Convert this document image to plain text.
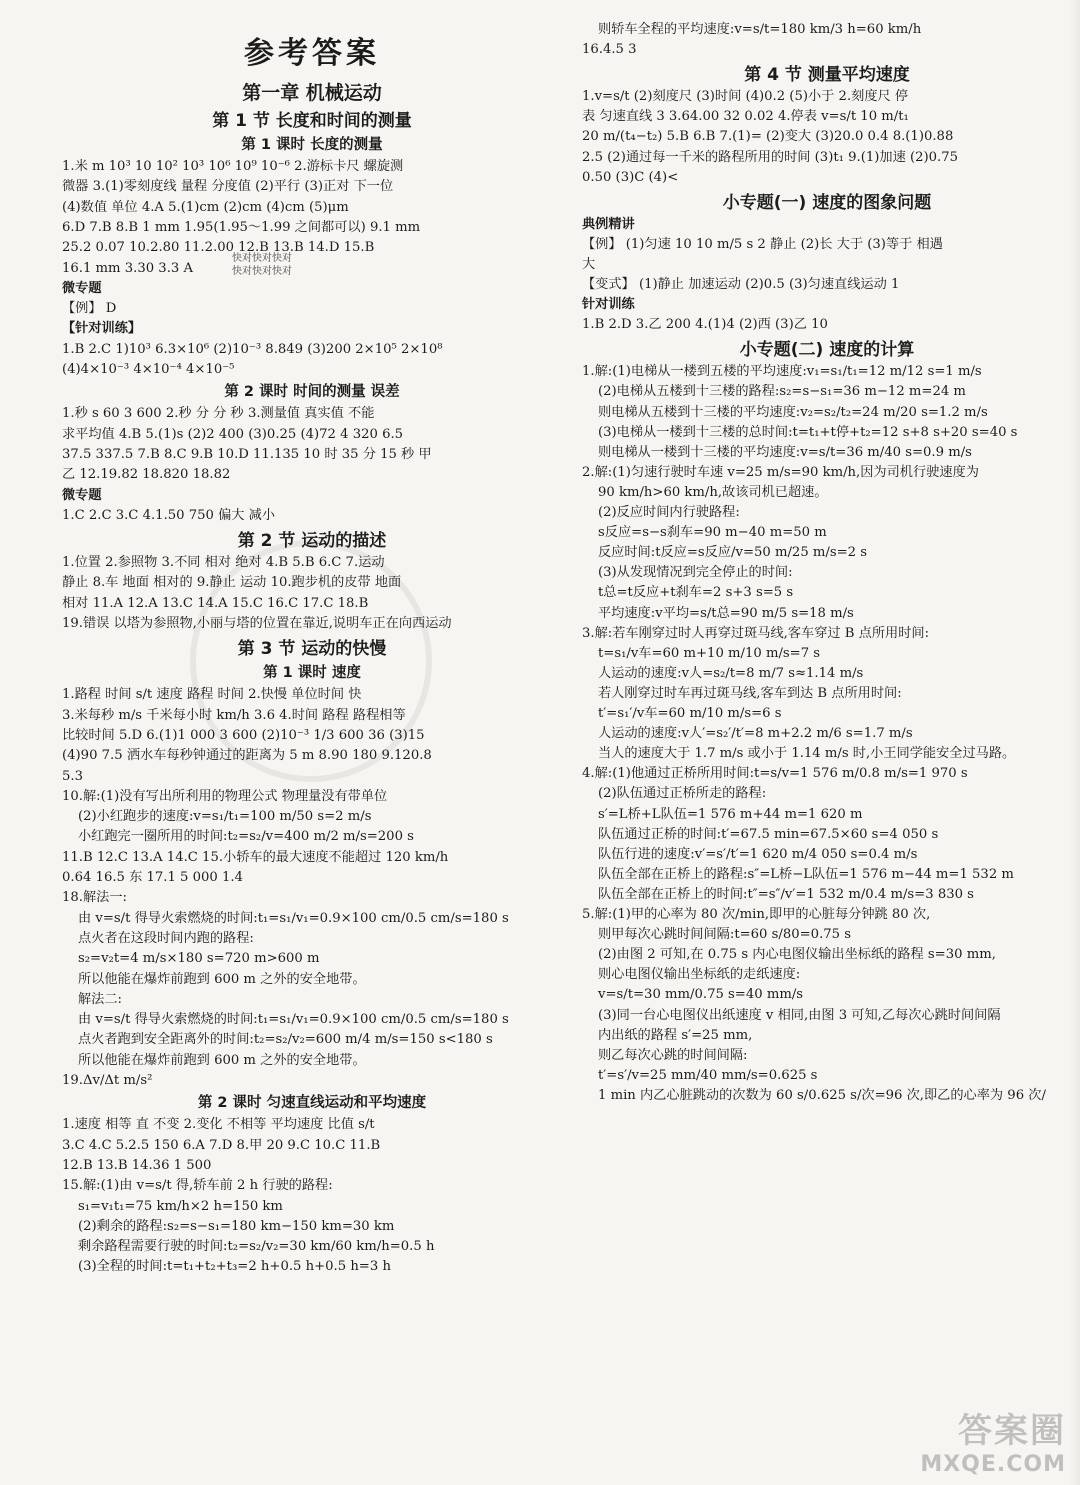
参考答案
第一章 机械运动
第 1 节 长度和时间的测量
第 1 课时 长度的测量
1.米 m 10³ 10 10² 10³ 10⁶ 10⁹ 10⁻⁶ 2.游标卡尺 螺旋测
微器 3.(1)零刻度线 量程 分度值 (2)平行 (3)正对 下一位
(4)数值 单位 4.A 5.(1)cm (2)cm (4)cm (5)μm
6.D 7.B 8.B 1 mm 1.95(1.95～1.99 之间都可以) 9.1 mm
25.2 0.07 10.2.80 11.2.00 12.B 13.B 14.D 15.B
16.1 mm 3.30 3.3 A
微专题
【例】 D
【针对训练】
1.B 2.C 1)10³ 6.3×10⁶ (2)10⁻³ 8.849 (3)200 2×10⁵ 2×10⁸
(4)4×10⁻³ 4×10⁻⁴ 4×10⁻⁵
第 2 课时 时间的测量 误差
1.秒 s 60 3 600 2.秒 分 分 秒 3.测量值 真实值 不能
求平均值 4.B 5.(1)s (2)2 400 (3)0.25 (4)72 4 320 6.5
37.5 337.5 7.B 8.C 9.B 10.D 11.135 10 时 35 分 15 秒 甲
乙 12.19.82 18.820 18.82
微专题
1.C 2.C 3.C 4.1.50 750 偏大 减小
第 2 节 运动的描述
1.位置 2.参照物 3.不同 相对 绝对 4.B 5.B 6.C 7.运动
静止 8.车 地面 相对的 9.静止 运动 10.跑步机的皮带 地面
相对 11.A 12.A 13.C 14.A 15.C 16.C 17.C 18.B
19.错误 以塔为参照物,小丽与塔的位置在靠近,说明车正在向西运动
第 3 节 运动的快慢
第 1 课时 速度
1.路程 时间 s/t 速度 路程 时间 2.快慢 单位时间 快
3.米每秒 m/s 千米每小时 km/h 3.6 4.时间 路程 路程相等
比较时间 5.D 6.(1)1 000 3 600 (2)10⁻³ 1/3 600 36 (3)15
(4)90 7.5 洒水车每秒钟通过的距离为 5 m 8.90 180 9.120.8
5.3
10.解:(1)没有写出所利用的物理公式 物理量没有带单位
(2)小红跑步的速度:v=s₁/t₁=100 m/50 s=2 m/s
小红跑完一圈所用的时间:t₂=s₂/v=400 m/2 m/s=200 s
11.B 12.C 13.A 14.C 15.小轿车的最大速度不能超过 120 km/h
0.64 16.5 东 17.1 5 000 1.4
18.解法一:
由 v=s/t 得导火索燃烧的时间:t₁=s₁/v₁=0.9×100 cm/0.5 cm/s=180 s
点火者在这段时间内跑的路程:
s₂=v₂t=4 m/s×180 s=720 m>600 m
所以他能在爆炸前跑到 600 m 之外的安全地带。
解法二:
由 v=s/t 得导火索燃烧的时间:t₁=s₁/v₁=0.9×100 cm/0.5 cm/s=180 s
点火者跑到安全距离外的时间:t₂=s₂/v₂=600 m/4 m/s=150 s<180 s
所以他能在爆炸前跑到 600 m 之外的安全地带。
19.Δv/Δt m/s²
第 2 课时 匀速直线运动和平均速度
1.速度 相等 直 不变 2.变化 不相等 平均速度 比值 s/t
3.C 4.C 5.2.5 150 6.A 7.D 8.甲 20 9.C 10.C 11.B
12.B 13.B 14.36 1 500
15.解:(1)由 v=s/t 得,轿车前 2 h 行驶的路程:
s₁=v₁t₁=75 km/h×2 h=150 km
(2)剩余的路程:s₂=s−s₁=180 km−150 km=30 km
剩余路程需要行驶的时间:t₂=s₂/v₂=30 km/60 km/h=0.5 h
(3)全程的时间:t=t₁+t₂+t₃=2 h+0.5 h+0.5 h=3 h
则轿车全程的平均速度:v=s/t=180 km/3 h=60 km/h
16.4.5 3
第 4 节 测量平均速度
1.v=s/t (2)刻度尺 (3)时间 (4)0.2 (5)小于 2.刻度尺 停
表 匀速直线 3 3.64.00 32 0.02 4.停表 v=s/t 10 m/t₁
20 m/(t₄−t₂) 5.B 6.B 7.(1)= (2)变大 (3)20.0 0.4 8.(1)0.88
2.5 (2)通过每一千米的路程所用的时间 (3)t₁ 9.(1)加速 (2)0.75
0.50 (3)C (4)<
小专题(一) 速度的图象问题
典例精讲
【例】 (1)匀速 10 10 m/5 s 2 静止 (2)长 大于 (3)等于 相遇
大
【变式】 (1)静止 加速运动 (2)0.5 (3)匀速直线运动 1
针对训练
1.B 2.D 3.乙 200 4.(1)4 (2)西 (3)乙 10
小专题(二) 速度的计算
1.解:(1)电梯从一楼到五楼的平均速度:v₁=s₁/t₁=12 m/12 s=1 m/s
(2)电梯从五楼到十三楼的路程:s₂=s−s₁=36 m−12 m=24 m
则电梯从五楼到十三楼的平均速度:v₂=s₂/t₂=24 m/20 s=1.2 m/s
(3)电梯从一楼到十三楼的总时间:t=t₁+t停+t₂=12 s+8 s+20 s=40 s
则电梯从一楼到十三楼的平均速度:v=s/t=36 m/40 s=0.9 m/s
2.解:(1)匀速行驶时车速 v=25 m/s=90 km/h,因为司机行驶速度为
90 km/h>60 km/h,故该司机已超速。
(2)反应时间内行驶路程:
s反应=s−s刹车=90 m−40 m=50 m
反应时间:t反应=s反应/v=50 m/25 m/s=2 s
(3)从发现情况到完全停止的时间:
t总=t反应+t刹车=2 s+3 s=5 s
平均速度:v平均=s/t总=90 m/5 s=18 m/s
3.解:若车刚穿过时人再穿过斑马线,客车穿过 B 点所用时间:
t=s₁/v车=60 m+10 m/10 m/s=7 s
人运动的速度:v人=s₂/t=8 m/7 s≈1.14 m/s
若人刚穿过时车再过斑马线,客车到达 B 点所用时间:
t′=s₁′/v车=60 m/10 m/s=6 s
人运动的速度:v人′=s₂′/t′=8 m+2.2 m/6 s=1.7 m/s
当人的速度大于 1.7 m/s 或小于 1.14 m/s 时,小王同学能安全过马路。
4.解:(1)他通过正桥所用时间:t=s/v=1 576 m/0.8 m/s=1 970 s
(2)队伍通过正桥所走的路程:
s′=L桥+L队伍=1 576 m+44 m=1 620 m
队伍通过正桥的时间:t′=67.5 min=67.5×60 s=4 050 s
队伍行进的速度:v′=s′/t′=1 620 m/4 050 s=0.4 m/s
队伍全部在正桥上的路程:s″=L桥−L队伍=1 576 m−44 m=1 532 m
队伍全部在正桥上的时间:t″=s″/v′=1 532 m/0.4 m/s=3 830 s
5.解:(1)甲的心率为 80 次/min,即甲的心脏每分钟跳 80 次,
则甲每次心跳时间间隔:t=60 s/80=0.75 s
(2)由图 2 可知,在 0.75 s 内心电图仪输出坐标纸的路程 s=30 mm,
则心电图仪输出坐标纸的走纸速度:
v=s/t=30 mm/0.75 s=40 mm/s
(3)同一台心电图仪出纸速度 v 相同,由图 3 可知,乙每次心跳时间间隔
内出纸的路程 s′=25 mm,
则乙每次心跳的时间间隔:
t′=s′/v=25 mm/40 mm/s=0.625 s
1 min 内乙心脏跳动的次数为 60 s/0.625 s/次=96 次,即乙的心率为 96 次/
快对快对快对
快对快对快对
答案圈
MXQE.COM
